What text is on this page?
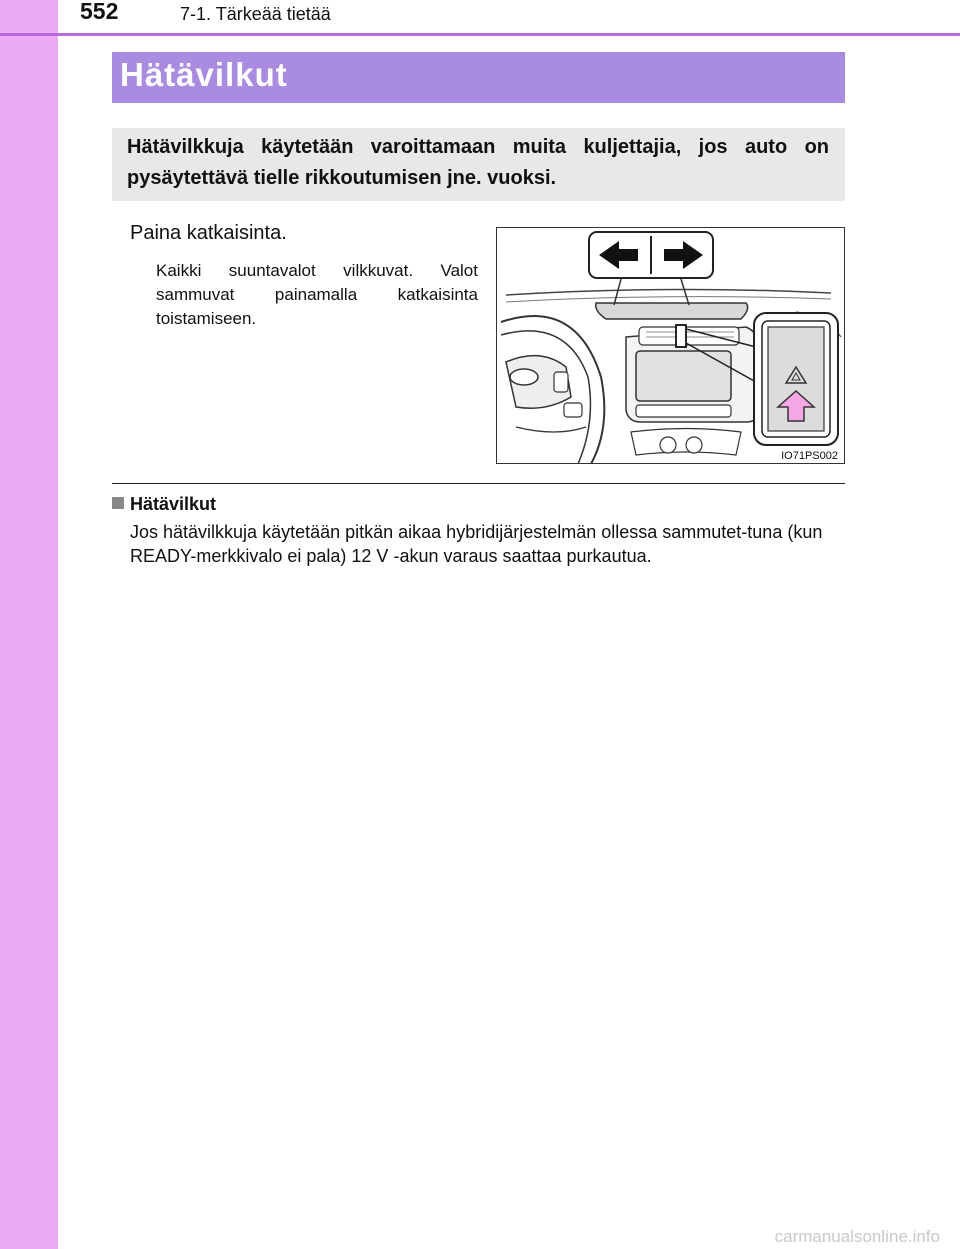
552	7-1. Tärkeää tietää
Hätävilkut

Hätävilkkuja käytetään varoittamaan muita kuljettajia, jos auto on pysäytettävä tielle rikkoutumisen jne. vuoksi.

Paina katkaisinta.

Kaikki suuntavalot vilkkuvat. Valot sammuvat painamalla katkaisinta toistamiseen.

IO71PS002
Hätävilkut

Jos hätävilkkuja käytetään pitkän aikaa hybridijärjestelmän ollessa sammutet-tuna (kun READY-merkkivalo ei pala) 12 V -akun varaus saattaa purkautua.

carmanualsonline.info
